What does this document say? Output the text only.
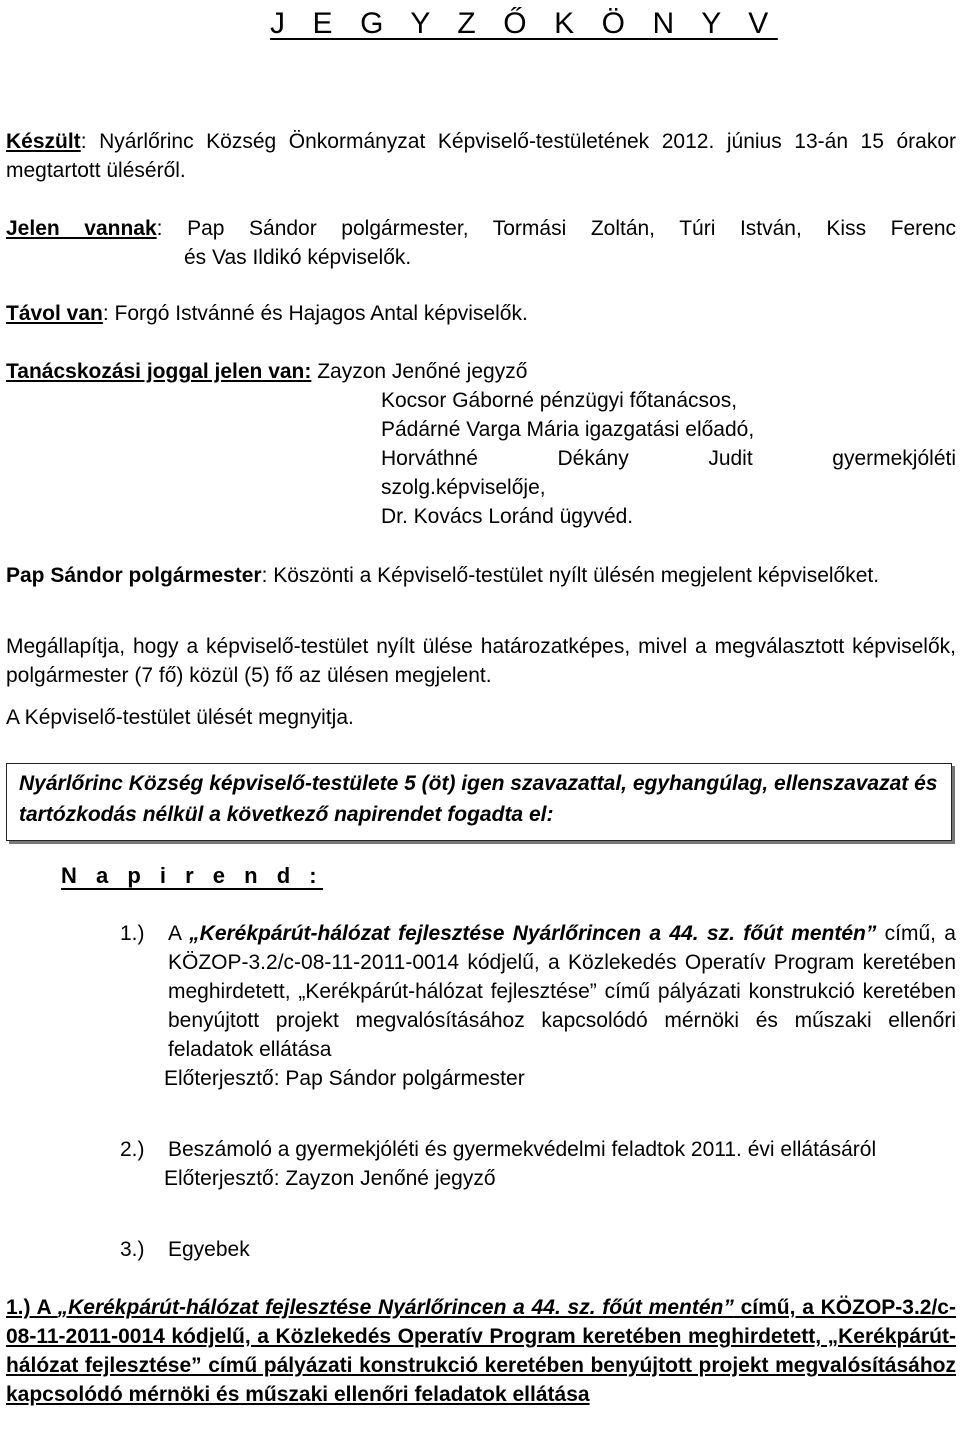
J E G Y Z Ő K Ö N Y V

Készült: Nyárlőrinc Község Önkormányzat Képviselő-testületének 2012. június 13-án 15 órakor megtartott üléséről.

Jelen vannak: Pap Sándor polgármester, Tormási Zoltán, Túri István, Kiss Ferenc
és Vas Ildikó képviselők.

Távol van: Forgó Istvánné és Hajagos Antal képviselők.

Tanácskozási joggal jelen van: Zayzon Jenőné jegyző
Kocsor Gáborné pénzügyi főtanácsos,
Pádárné Varga Mária igazgatási előadó,
Horváthné Dékány Judit gyermekjóléti
szolg.képviselője,
Dr. Kovács Loránd ügyvéd.

Pap Sándor polgármester: Köszönti a Képviselő-testület nyílt ülésén megjelent képviselőket.

Megállapítja, hogy a képviselő-testület nyílt ülése határozatképes, mivel a megválasztott képviselők, polgármester (7 fő) közül (5) fő az ülésen megjelent.

A Képviselő-testület ülését megnyitja.

Nyárlőrinc Község képviselő-testülete 5 (öt) igen szavazattal, egyhangúlag, ellenszavazat és tartózkodás nélkül a következő napirendet fogadta el:

N a p i r e n d :

1.) A „Kerékpárút-hálózat fejlesztése Nyárlőrincen a 44. sz. főút mentén” című, a KÖZOP-3.2/c-08-11-2011-0014 kódjelű, a Közlekedés Operatív Program keretében meghirdetett, „Kerékpárút-hálózat fejlesztése” című pályázati konstrukció keretében benyújtott projekt megvalósításához kapcsolódó mérnöki és műszaki ellenőri feladatok ellátása
Előterjesztő: Pap Sándor polgármester
2.) Beszámoló a gyermekjóléti és gyermekvédelmi feladtok 2011. évi ellátásáról
Előterjesztő: Zayzon Jenőné jegyző
3.) Egyebek
1.) A „Kerékpárút-hálózat fejlesztése Nyárlőrincen a 44. sz. főút mentén” című, a KÖZOP-3.2/c-08-11-2011-0014 kódjelű, a Közlekedés Operatív Program keretében meghirdetett, „Kerékpárút-hálózat fejlesztése” című pályázati konstrukció keretében benyújtott projekt megvalósításához kapcsolódó mérnöki és műszaki ellenőri feladatok ellátása
